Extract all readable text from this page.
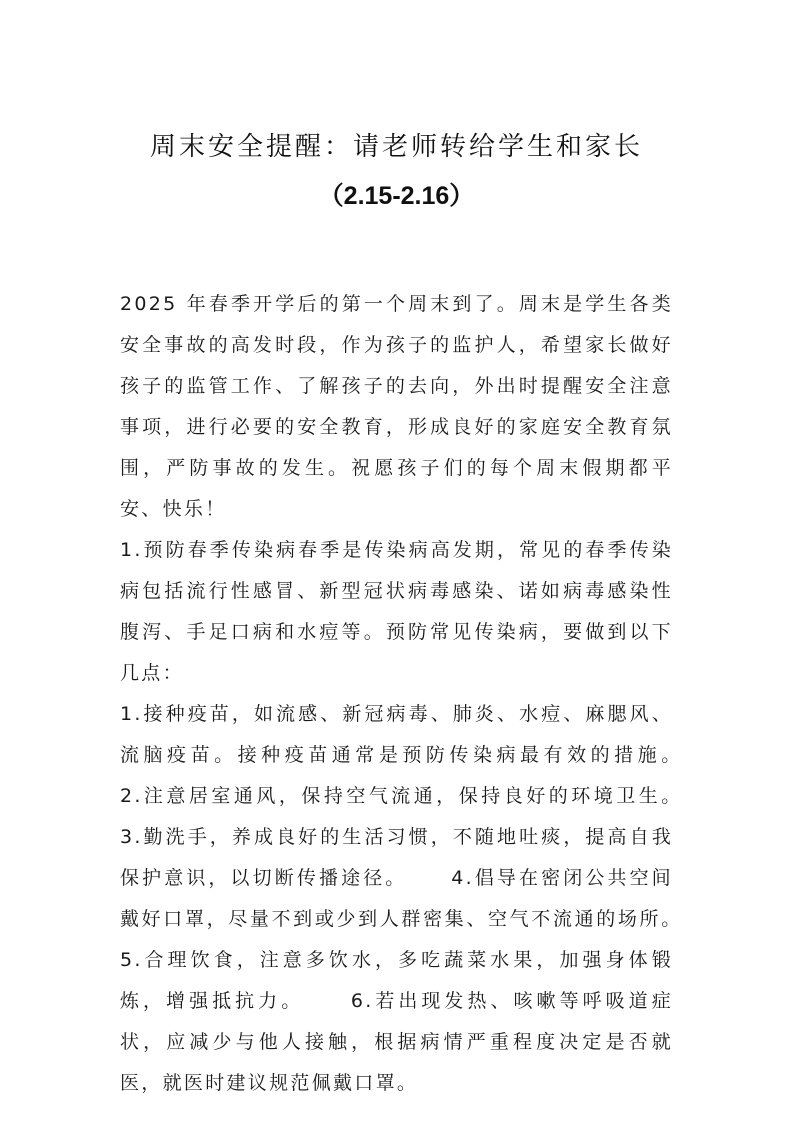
周末安全提醒：请老师转给学生和家长
（2.15-2.16）

2025 年春季开学后的第一个周末到了。周末是学生各类安全事故的高发时段，作为孩子的监护人，希望家长做好孩子的监管工作、了解孩子的去向，外出时提醒安全注意事项，进行必要的安全教育，形成良好的家庭安全教育氛围，严防事故的发生。祝愿孩子们的每个周末假期都平安、快乐！

1.预防春季传染病春季是传染病高发期，常见的春季传染病包括流行性感冒、新型冠状病毒感染、诺如病毒感染性腹泻、手足口病和水痘等。预防常见传染病，要做到以下几点：

1.接种疫苗，如流感、新冠病毒、肺炎、水痘、麻腮风、流脑疫苗。接种疫苗通常是预防传染病最有效的措施。　　 2.注意居室通风，保持空气流通，保持良好的环境卫生。　　 3.勤洗手，养成良好的生活习惯，不随地吐痰，提高自我保护意识，以切断传播途径。　　 4.倡导在密闭公共空间戴好口罩，尽量不到或少到人群密集、空气不流通的场所。　　 5.合理饮食，注意多饮水，多吃蔬菜水果，加强身体锻炼，增强抵抗力。　　 6.若出现发热、咳嗽等呼吸道症状，应减少与他人接触，根据病情严重程度决定是否就医，就医时建议规范佩戴口罩。
